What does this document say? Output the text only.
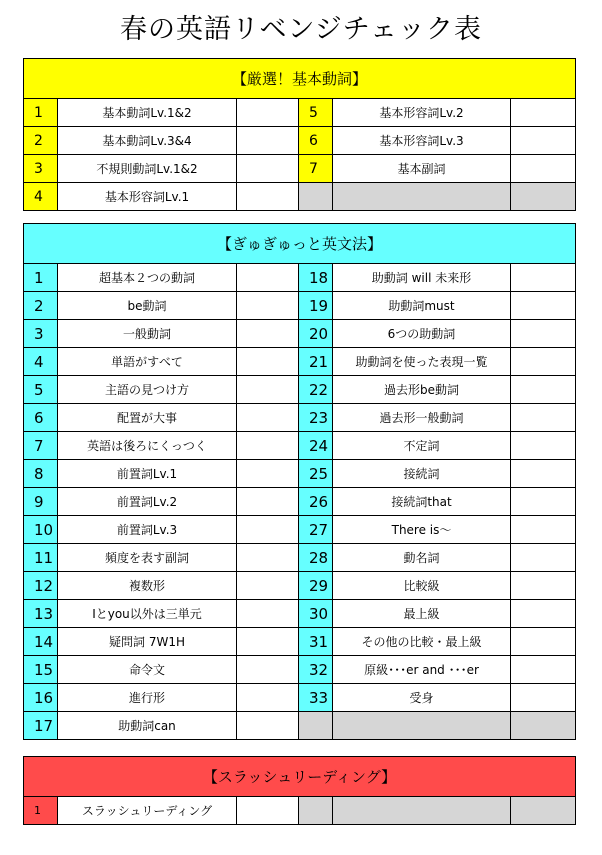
春の英語リベンジチェック表
【厳選！基本動詞】					
1	基本動詞Lv.1&2		5	基本形容詞Lv.2	
2	基本動詞Lv.3&4		6	基本形容詞Lv.3	
3	不規則動詞Lv.1&2		7	基本副詞	
4	基本形容詞Lv.1				
【ぎゅぎゅっと英文法】					
1	超基本２つの動詞		18	助動詞 will 未来形	
2	be動詞		19	助動詞must	
3	一般動詞		20	6つの助動詞	
4	単語がすべて		21	助動詞を使った表現一覧	
5	主語の見つけ方		22	過去形be動詞	
6	配置が大事		23	過去形一般動詞	
7	英語は後ろにくっつく		24	不定詞	
8	前置詞Lv.1		25	接続詞	
9	前置詞Lv.2		26	接続詞that	
10	前置詞Lv.3		27	There is～	
11	頻度を表す副詞		28	動名詞	
12	複数形		29	比較級	
13	Iとyou以外は三単元		30	最上級	
14	疑問詞 7W1H		31	その他の比較・最上級	
15	命令文		32	原級･･･er and ･･･er	
16	進行形		33	受身	
17	助動詞can				
【スラッシュリーディング】
1	スラッシュリーディング				
